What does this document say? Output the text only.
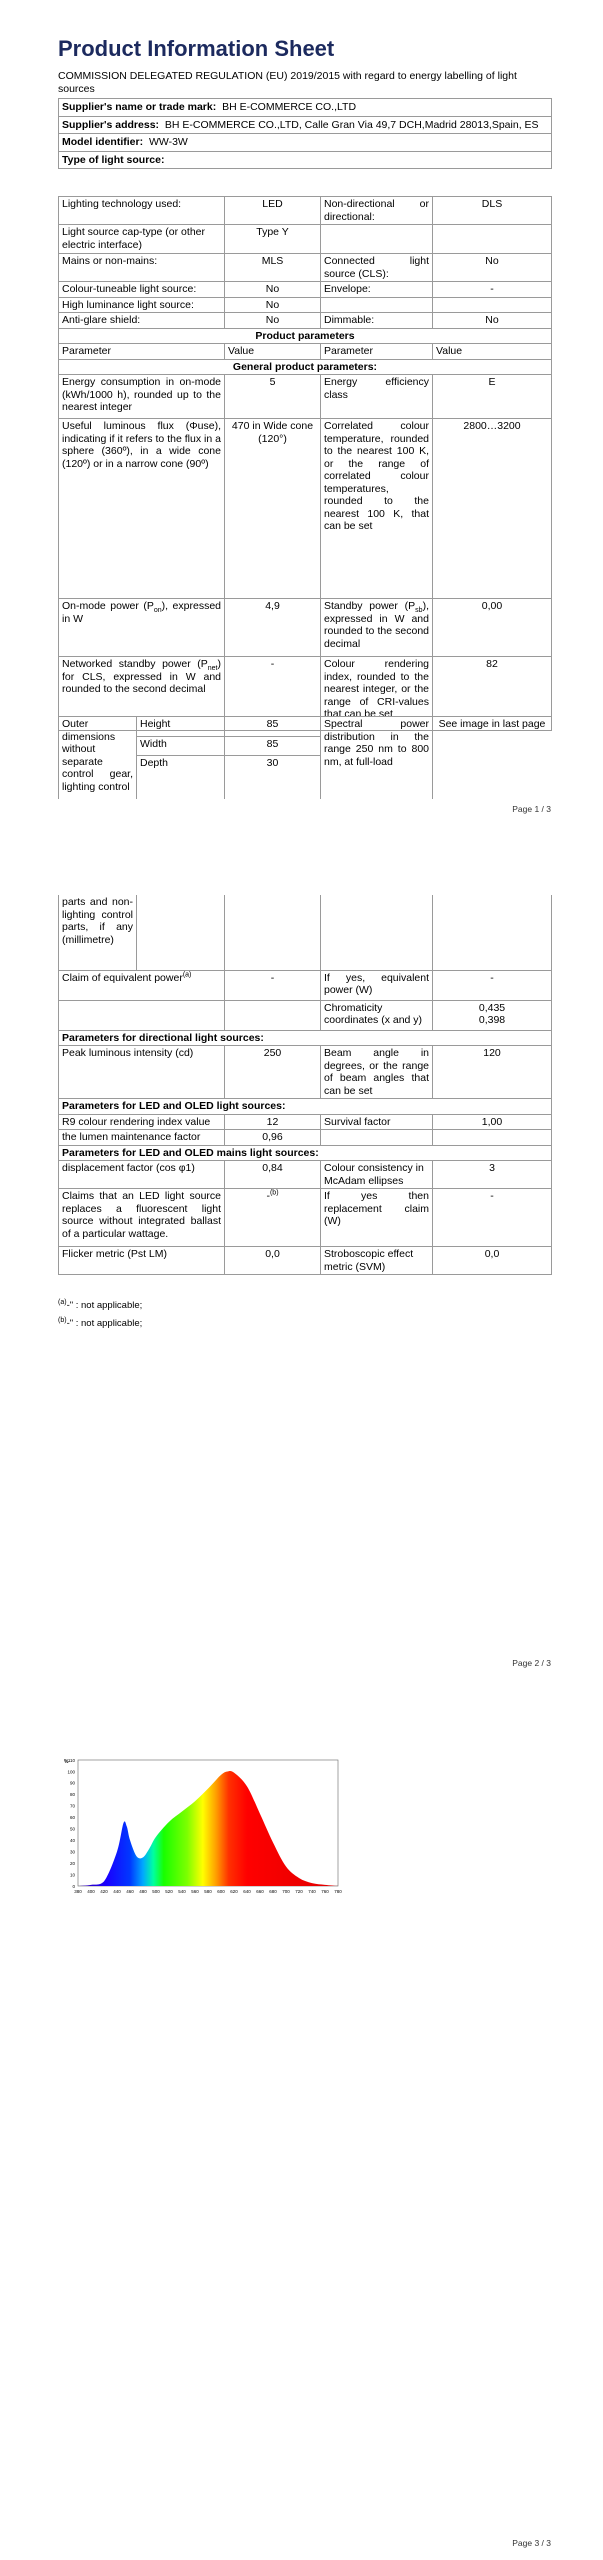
Product Information Sheet
COMMISSION DELEGATED REGULATION (EU) 2019/2015 with regard to energy labelling of light sources
Supplier's name or trade mark: BH E-COMMERCE CO.,LTD
Supplier's address: BH E-COMMERCE CO.,LTD, Calle Gran Via 49,7 DCH,Madrid 28013,Spain, ES
Model identifier: WW-3W
Type of light source:
Lighting technology used:	LED	Non-directional or directional:	DLS
Light source cap-type (or other electric interface)	Type Y		
Mains or non-mains:	MLS	Connected light source (CLS):	No
Colour-tuneable light source:	No	Envelope:	-
High luminance light source:	No		
Anti-glare shield:	No	Dimmable:	No
Product parameters			
Parameter	Value	Parameter	Value
General product parameters:			
Energy consumption in on-mode (kWh/1000 h), rounded up to the nearest integer	5	Energy efficiency class	E
Useful luminous flux (Φuse), indicating if it refers to the flux in a sphere (360º), in a wide cone (120º) or in a narrow cone (90º)	470 in Wide cone (120°)	Correlated colour temperature, rounded to the nearest 100 K, or the range of correlated colour temperatures, rounded to the nearest 100 K, that can be set	2800…3200
On-mode power $(P_{on})$, expressed in W	4,9	Standby power $(P_{sb})$, expressed in W and rounded to the second decimal	0,00
Networked standby power $(P_{net})$ for CLS, expressed in W and rounded to the second decimal	-	Colour rendering index, rounded to the nearest integer, or the range of CRI-values that can be set	82
Outer dimensions without separate control gear, lighting control	Height	85	Spectral power distribution in the range 250 nm to 800 nm, at full-load	See image in last page
	Width	85		
	Depth	30		
Page 1 / 3
parts and non-lighting control parts, if any (millimetre)				
Claim of equivalent power$^{(a)}$		-	If yes, equivalent power (W)	-
			Chromaticity coordinates (x and y)	0,435
0,398
Parameters for directional light sources:				
Peak luminous intensity (cd)		250	Beam angle in degrees, or the range of beam angles that can be set	120
Parameters for LED and OLED light sources:				
R9 colour rendering index value		12	Survival factor	1,00
the lumen maintenance factor		0,96		
Parameters for LED and OLED mains light sources:				
displacement factor (cos φ1)		0,84	Colour consistency in McAdam ellipses	3
Claims that an LED light source replaces a fluorescent light source without integrated ballast of a particular wattage.		-$^{(b)}$	If yes then replacement claim (W)	-
Flicker metric (Pst LM)		0,0	Stroboscopic effect metric (SVM)	0,0
$^{(a)}$-" : not applicable;
$^{(b)}$-" : not applicable;
Page 2 / 3
0
10
20
30
40
50
60
70
80
90
100
110
380 400 420 440 460 480 500 520 540 560 580 600 620 640 660 680 700 720 740 760 780
%
Page 3 / 3
